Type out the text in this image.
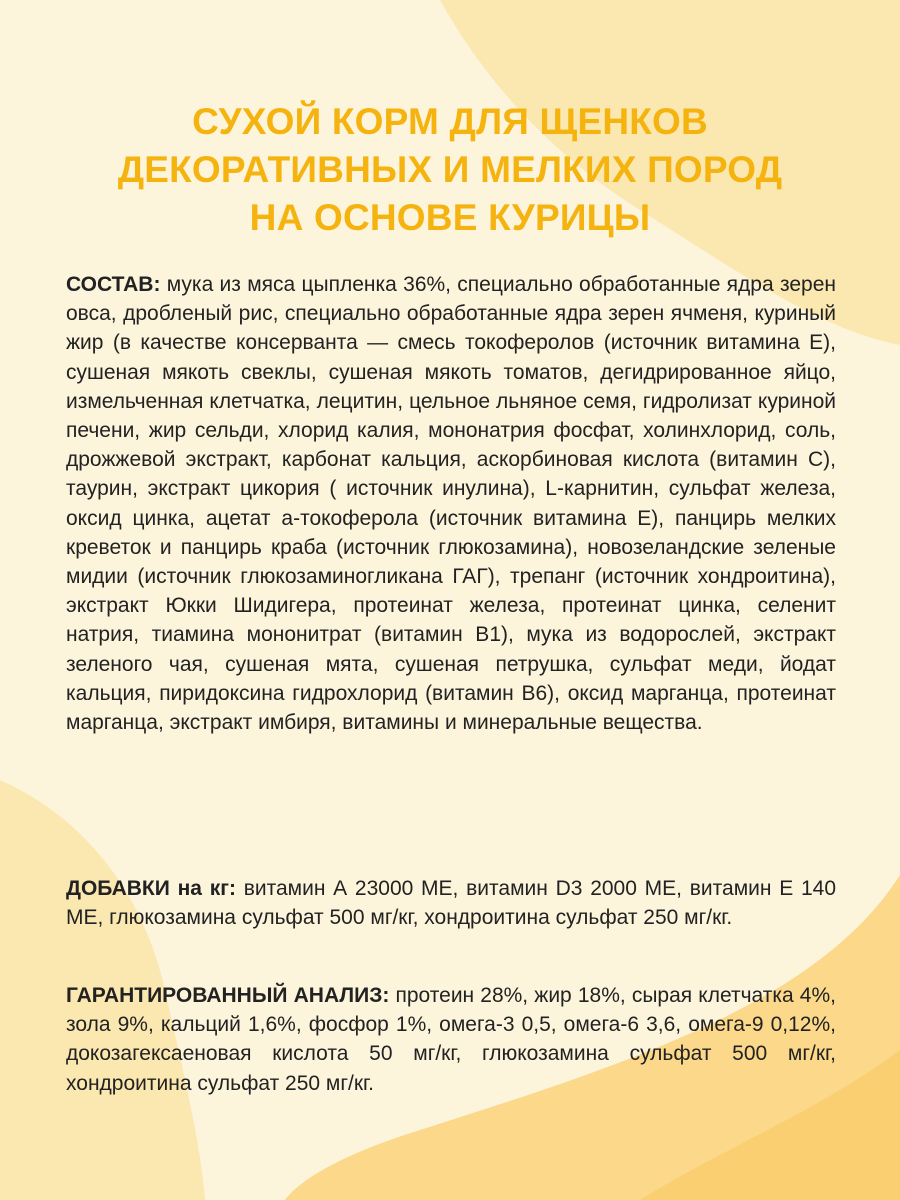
СУХОЙ КОРМ ДЛЯ ЩЕНКОВ
ДЕКОРАТИВНЫХ И МЕЛКИХ ПОРОД
НА ОСНОВЕ КУРИЦЫ

СОСТАВ: мука из мяса цыпленка 36%, специально обработанные ядра зерен овса, дробленый рис, специально обработанные ядра зерен ячменя, куриный жир (в качестве консерванта — смесь токоферолов (источник витамина Е), сушеная мякоть свеклы, сушеная мякоть томатов, дегидрированное яйцо, измельченная клетчатка, лецитин, цельное льняное семя, гидролизат куриной печени, жир сельди, хлорид калия, мононатрия фосфат, холинхлорид, соль, дрожжевой экстракт, карбонат кальция, аскорбиновая кислота (витамин С), таурин, экстракт цикория ( источник инулина), L-карнитин, сульфат железа, оксид цинка, ацетат а-токоферола (источник витамина Е), панцирь мелких креветок и панцирь краба (источник глюкозамина), новозеландские зеленые мидии (источник глюкозаминогликана ГАГ), трепанг (источник хондроитина), экстракт Юкки Шидигера, протеинат железа, протеинат цинка, селенит натрия, тиамина мононитрат (витамин В1), мука из водорослей, экстракт зеленого чая, сушеная мята, сушеная петрушка, сульфат меди, йодат кальция, пиридоксина гидрохлорид (витамин В6), оксид марганца, протеинат марганца, экстракт имбиря, витамины и минеральные вещества.

ДОБАВКИ на кг: витамин А 23000 МЕ, витамин D3 2000 МЕ, витамин Е 140 МЕ, глюкозамина сульфат 500 мг/кг, хондроитина сульфат 250 мг/кг.

ГАРАНТИРОВАННЫЙ АНАЛИЗ: протеин 28%, жир 18%, сырая клетчатка 4%, зола 9%, кальций 1,6%, фосфор 1%, омега-3 0,5, омега-6 3,6, омега-9 0,12%, докозагексаеновая кислота 50 мг/кг, глюкозамина сульфат 500 мг/кг, хондроитина сульфат 250 мг/кг.
